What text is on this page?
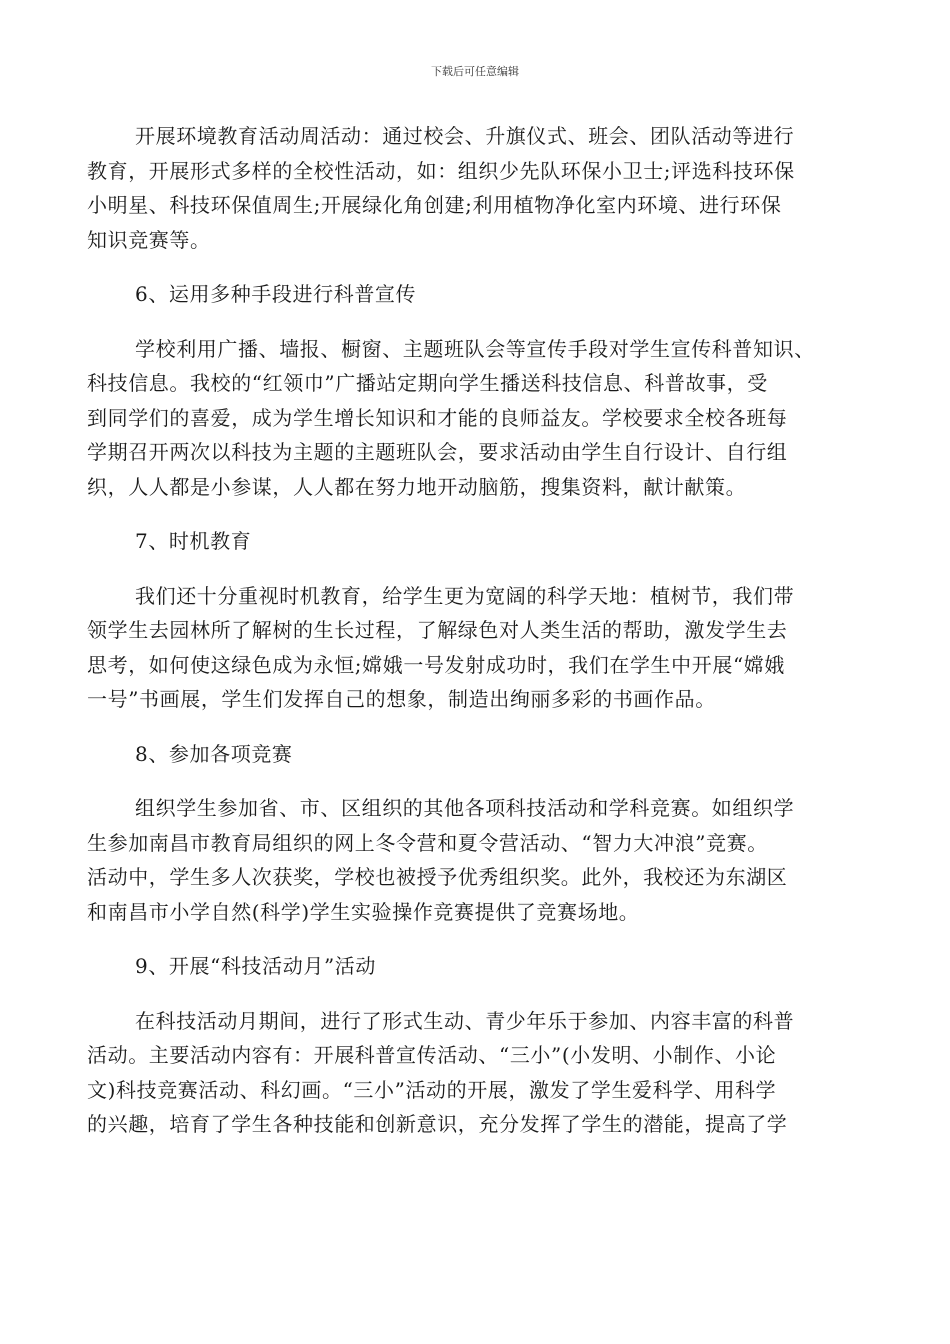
下载后可任意编辑

开展环境教育活动周活动：通过校会、升旗仪式、班会、团队活动等进行

教育，开展形式多样的全校性活动，如：组织少先队环保小卫士;评选科技环保

小明星、科技环保值周生;开展绿化角创建;利用植物净化室内环境、进行环保

知识竞赛等。

6、运用多种手段进行科普宣传

学校利用广播、墙报、橱窗、主题班队会等宣传手段对学生宣传科普知识、

科技信息。我校的“红领巾”广播站定期向学生播送科技信息、科普故事，受

到同学们的喜爱，成为学生增长知识和才能的良师益友。学校要求全校各班每

学期召开两次以科技为主题的主题班队会，要求活动由学生自行设计、自行组

织，人人都是小参谋，人人都在努力地开动脑筋，搜集资料，献计献策。

7、时机教育

我们还十分重视时机教育，给学生更为宽阔的科学天地：植树节，我们带

领学生去园林所了解树的生长过程，了解绿色对人类生活的帮助，激发学生去

思考，如何使这绿色成为永恒;嫦娥一号发射成功时，我们在学生中开展“嫦娥

一号”书画展，学生们发挥自己的想象，制造出绚丽多彩的书画作品。

8、参加各项竞赛

组织学生参加省、市、区组织的其他各项科技活动和学科竞赛。如组织学

生参加南昌市教育局组织的网上冬令营和夏令营活动、“智力大冲浪”竞赛。

活动中，学生多人次获奖，学校也被授予优秀组织奖。此外，我校还为东湖区

和南昌市小学自然(科学)学生实验操作竞赛提供了竞赛场地。

9、开展“科技活动月”活动

在科技活动月期间，进行了形式生动、青少年乐于参加、内容丰富的科普

活动。主要活动内容有：开展科普宣传活动、“三小”(小发明、小制作、小论

文)科技竞赛活动、科幻画。“三小”活动的开展，激发了学生爱科学、用科学

的兴趣，培育了学生各种技能和创新意识，充分发挥了学生的潜能，提高了学
